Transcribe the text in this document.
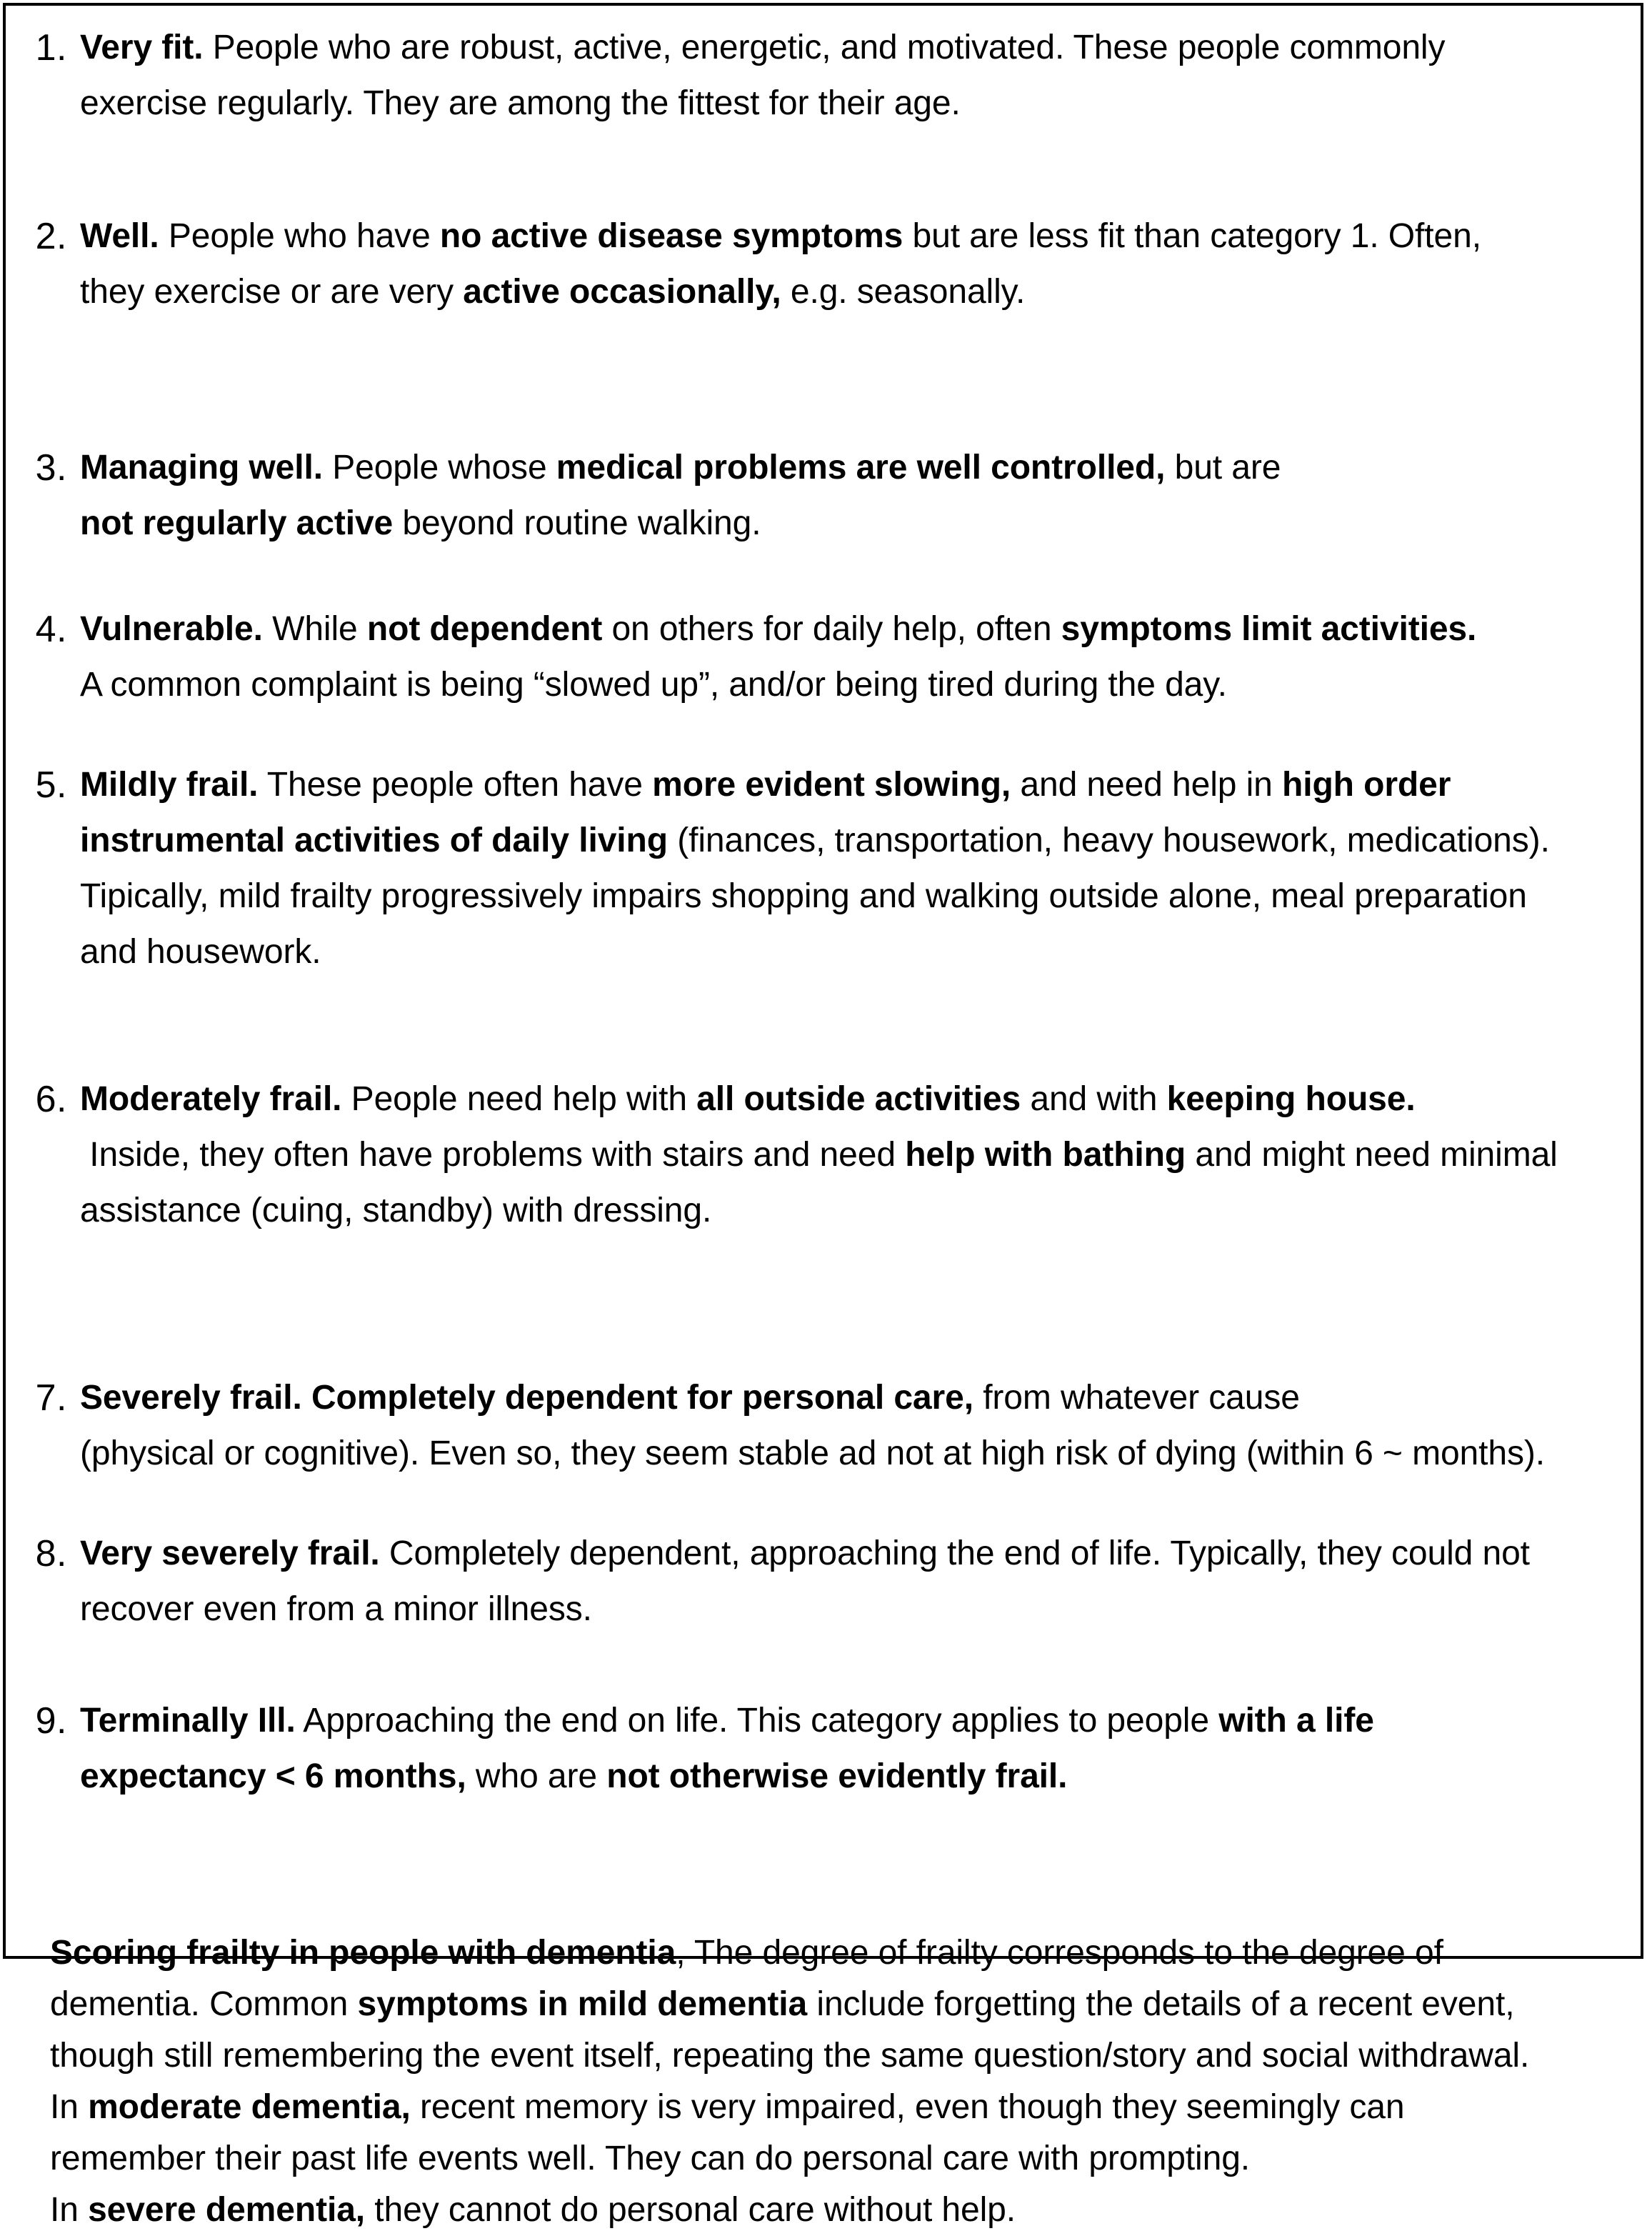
1. Very fit. People who are robust, active, energetic, and motivated. These people commonly
exercise regularly. They are among the fittest for their age.
2. Well. People who have no active disease symptoms but are less fit than category 1. Often,
they exercise or are very active occasionally, e.g. seasonally.
3. Managing well. People whose medical problems are well controlled, but are
not regularly active beyond routine walking.
4. Vulnerable. While not dependent on others for daily help, often symptoms limit activities.
A common complaint is being “slowed up”, and/or being tired during the day.
5. Mildly frail. These people often have more evident slowing, and need help in high order
instrumental activities of daily living (finances, transportation, heavy housework, medications).
Tipically, mild frailty progressively impairs shopping and walking outside alone, meal preparation
and housework.
6. Moderately frail. People need help with all outside activities and with keeping house.
Inside, they often have problems with stairs and need help with bathing and might need minimal
assistance (cuing, standby) with dressing.
7. Severely frail. Completely dependent for personal care, from whatever cause
(physical or cognitive). Even so, they seem stable ad not at high risk of dying (within 6 ~ months).
8. Very severely frail. Completely dependent, approaching the end of life. Typically, they could not
recover even from a minor illness.
9. Terminally Ill. Approaching the end on life. This category applies to people with a life
expectancy < 6 months, who are not otherwise evidently frail.
Scoring frailty in people with dementia, The degree of frailty corresponds to the degree of
dementia. Common symptoms in mild dementia include forgetting the details of a recent event,
though still remembering the event itself, repeating the same question/story and social withdrawal.
In moderate dementia, recent memory is very impaired, even though they seemingly can
remember their past life events well. They can do personal care with prompting.
In severe dementia, they cannot do personal care without help.
